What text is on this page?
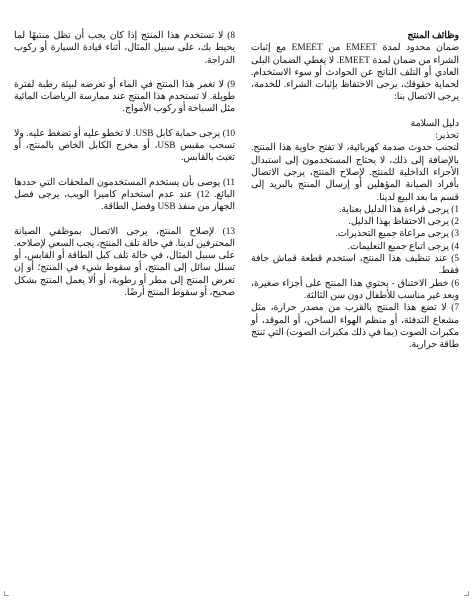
وظائف المنتج

ضمان محدود لمدة EMEET من EMEET مع إثبات الشراء من ضمان لمدة EMEET. لا يغطي الضمان البلى العادي أو التلف الناتج عن الحوادث أو سوء الاستخدام. لحماية حقوقك، يرجى الاحتفاظ بإثبات الشراء. للخدمة، يرجى الاتصال بنا:

دليل السلامة

تحذير:

لتجنب حدوث صدمة كهربائية، لا تفتح حاوية هذا المنتج. بالإضافة إلى ذلك، لا يحتاج المستخدمون إلى استبدال الأجزاء الداخلية للمنتج. لإصلاح المنتج، يرجى الاتصال بأفراد الصيانة المؤهلين أو إرسال المنتج بالبريد إلى قسم ما بعد البيع لدينا.

1) يرجى قراءة هذا الدليل بعناية.

2) يرجى الاحتفاظ بهذا الدليل.

3) يرجى مراعاة جميع التحذيرات.

4) يرجى اتباع جميع التعليمات.

5) عند تنظيف هذا المنتج، استخدم قطعة قماش جافة فقط.

6) خطر الاختناق - يحتوي هذا المنتج على أجزاء صغيرة، وبعد غير مناسب للأطفال دون سن الثالثة.

7) لا تضع هذا المنتج بالقرب من مصدر حرارة، مثل مشعاع التدفئة، أو منظم الهواء الساخن، أو الموقد، أو مكبرات الصوت (بما في ذلك مكبرات الصوت) التي تنتج طاقة حرارية.

8) لا تستخدم هذا المنتج إذا كان يجب أن تظل منتبهًا لما يحيط بك، على سبيل المثال، أثناء قيادة السيارة أو ركوب الدراجة.

9) لا تغمر هذا المنتج في الماء أو تعرضه لبيئة رطبة لفترة طويلة. لا تستخدم هذا المنتج عند ممارسة الرياضات المائية مثل السباحة أو ركوب الأمواج.

10) يرجى حماية كابل USB. لا تخطو عليه أو تضغط عليه. ولا تسحب مقبس USB، أو مخرج الكابل الخاص بالمنتج، أو تعبث بالقابس.

11) يوصى بأن يستخدم المستخدمون الملحقات التي حددها البائع. 12) عند عدم استخدام كاميرا الويب، يرجى فصل الجهاز من منفذ USB وفصل الطاقة.

13) لإصلاح المنتج، يرجى الاتصال بموظفي الصيانة المحترفين لدينا. في حالة تلف المنتج، يجب السعي لإصلاحه. على سبيل المثال، في حالة تلف كبل الطاقة أو القابس، أو تسلل سائل إلى المنتج، أو سقوط شيء في المنتج؛ أو إن تعرض المنتج إلى مطر أو رطوبة، أو ألا يعمل المنتج بشكل صحيح، أو سقوط المنتج أرضًا.
